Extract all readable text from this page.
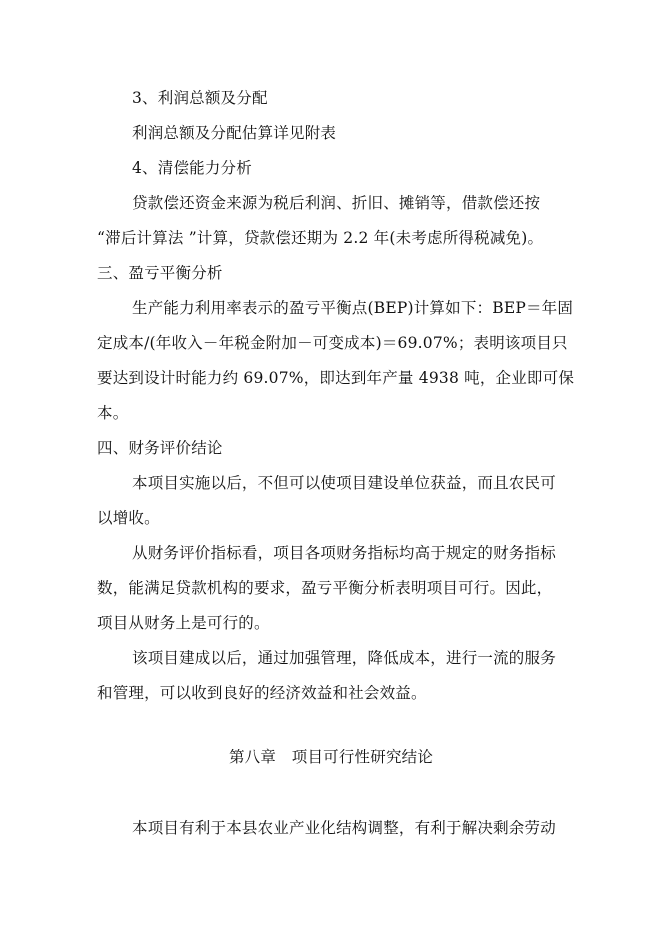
3、利润总额及分配
利润总额及分配估算详见附表
4、清偿能力分析
贷款偿还资金来源为税后利润、折旧、摊销等，借款偿还按
“滞后计算法 ”计算，贷款偿还期为 2.2 年(未考虑所得税减免)。
三、盈亏平衡分析
生产能力利用率表示的盈亏平衡点(BEP)计算如下：BEP＝年固
定成本/(年收入－年税金附加－可变成本)＝69.07%；表明该项目只
要达到设计时能力约 69.07%，即达到年产量 4938 吨，企业即可保
本。
四、财务评价结论
本项目实施以后，不但可以使项目建设单位获益，而且农民可
以增收。
从财务评价指标看，项目各项财务指标均高于规定的财务指标
数，能满足贷款机构的要求，盈亏平衡分析表明项目可行。因此，
项目从财务上是可行的。
该项目建成以后，通过加强管理，降低成本，进行一流的服务
和管理，可以收到良好的经济效益和社会效益。
第八章　项目可行性研究结论
本项目有利于本县农业产业化结构调整，有利于解决剩余劳动
